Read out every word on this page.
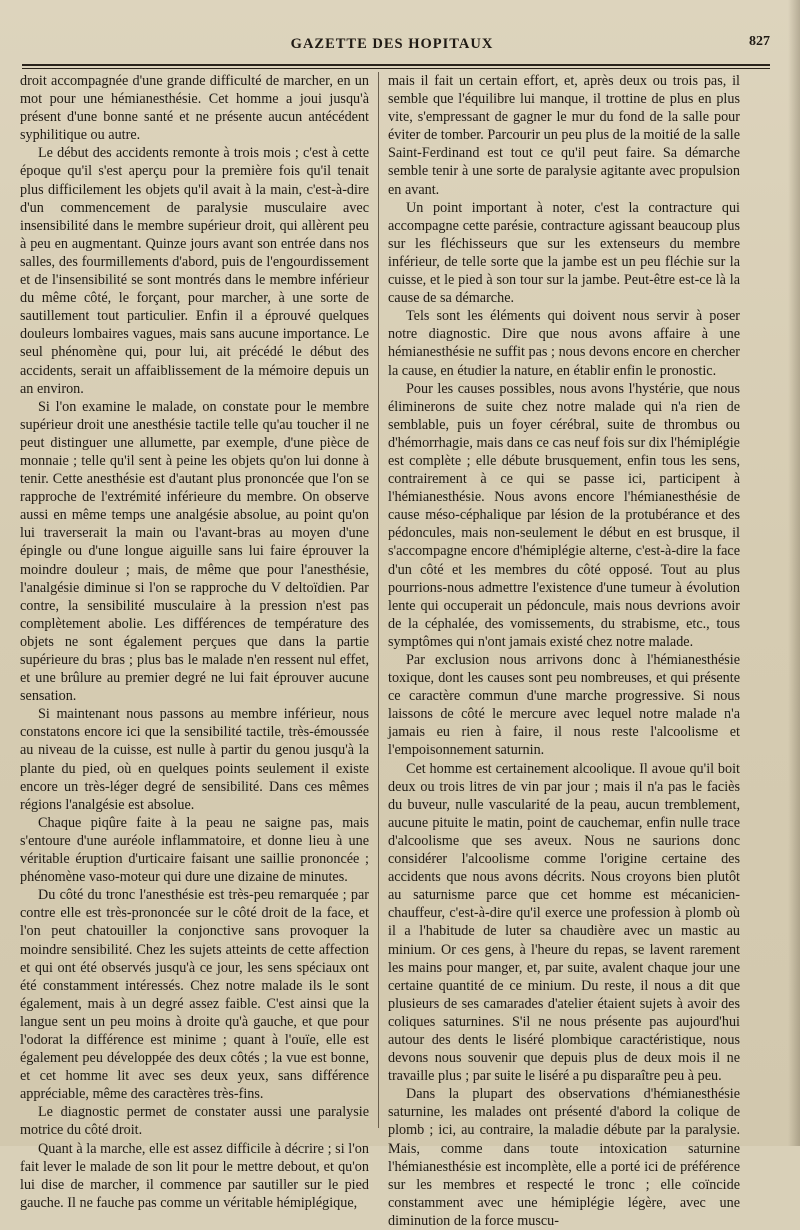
GAZETTE DES HOPITAUX	827

droit accompagnée d'une grande difficulté de marcher, en un mot pour une hémianesthésie. Cet homme a joui jusqu'à présent d'une bonne santé et ne présente aucun antécédent syphilitique ou autre.

Le début des accidents remonte à trois mois ; c'est à cette époque qu'il s'est aperçu pour la première fois qu'il tenait plus difficilement les objets qu'il avait à la main, c'est-à-dire d'un commencement de paralysie musculaire avec insensibilité dans le membre supérieur droit, qui allèrent peu à peu en augmentant. Quinze jours avant son entrée dans nos salles, des fourmillements d'abord, puis de l'engourdissement et de l'insensibilité se sont montrés dans le membre inférieur du même côté, le forçant, pour marcher, à une sorte de sautillement tout particulier. Enfin il a éprouvé quelques douleurs lombaires vagues, mais sans aucune importance. Le seul phénomène qui, pour lui, ait précédé le début des accidents, serait un affaiblissement de la mémoire depuis un an environ.

Si l'on examine le malade, on constate pour le membre supérieur droit une anesthésie tactile telle qu'au toucher il ne peut distinguer une allumette, par exemple, d'une pièce de monnaie ; telle qu'il sent à peine les objets qu'on lui donne à tenir. Cette anesthésie est d'autant plus prononcée que l'on se rapproche de l'extrémité inférieure du membre. On observe aussi en même temps une analgésie absolue, au point qu'on lui traverserait la main ou l'avant-bras au moyen d'une épingle ou d'une longue aiguille sans lui faire éprouver la moindre douleur ; mais, de même que pour l'anesthésie, l'analgésie diminue si l'on se rapproche du V deltoïdien. Par contre, la sensibilité musculaire à la pression n'est pas complètement abolie. Les différences de température des objets ne sont également perçues que dans la partie supérieure du bras ; plus bas le malade n'en ressent nul effet, et une brûlure au premier degré ne lui fait éprouver aucune sensation.

Si maintenant nous passons au membre inférieur, nous constatons encore ici que la sensibilité tactile, très-émoussée au niveau de la cuisse, est nulle à partir du genou jusqu'à la plante du pied, où en quelques points seulement il existe encore un très-léger degré de sensibilité. Dans ces mêmes régions l'analgésie est absolue.

Chaque piqûre faite à la peau ne saigne pas, mais s'entoure d'une auréole inflammatoire, et donne lieu à une véritable éruption d'urticaire faisant une saillie prononcée ; phénomène vaso-moteur qui dure une dizaine de minutes.

Du côté du tronc l'anesthésie est très-peu remarquée ; par contre elle est très-prononcée sur le côté droit de la face, et l'on peut chatouiller la conjonctive sans provoquer la moindre sensibilité. Chez les sujets atteints de cette affection et qui ont été observés jusqu'à ce jour, les sens spéciaux ont été constamment intéressés. Chez notre malade ils le sont également, mais à un degré assez faible. C'est ainsi que la langue sent un peu moins à droite qu'à gauche, et que pour l'odorat la différence est minime ; quant à l'ouïe, elle est également peu développée des deux côtés ; la vue est bonne, et cet homme lit avec ses deux yeux, sans différence appréciable, même des caractères très-fins.

Le diagnostic permet de constater aussi une paralysie motrice du côté droit.

Quant à la marche, elle est assez difficile à décrire ; si l'on fait lever le malade de son lit pour le mettre debout, et qu'on lui dise de marcher, il commence par sautiller sur le pied gauche. Il ne fauche pas comme un véritable hémiplégique,

mais il fait un certain effort, et, après deux ou trois pas, il semble que l'équilibre lui manque, il trottine de plus en plus vite, s'empressant de gagner le mur du fond de la salle pour éviter de tomber. Parcourir un peu plus de la moitié de la salle Saint-Ferdinand est tout ce qu'il peut faire. Sa démarche semble tenir à une sorte de paralysie agitante avec propulsion en avant.

Un point important à noter, c'est la contracture qui accompagne cette parésie, contracture agissant beaucoup plus sur les fléchisseurs que sur les extenseurs du membre inférieur, de telle sorte que la jambe est un peu fléchie sur la cuisse, et le pied à son tour sur la jambe. Peut-être est-ce là la cause de sa démarche.

Tels sont les éléments qui doivent nous servir à poser notre diagnostic. Dire que nous avons affaire à une hémianesthésie ne suffit pas ; nous devons encore en chercher la cause, en étudier la nature, en établir enfin le pronostic.

Pour les causes possibles, nous avons l'hystérie, que nous éliminerons de suite chez notre malade qui n'a rien de semblable, puis un foyer cérébral, suite de thrombus ou d'hémorrhagie, mais dans ce cas neuf fois sur dix l'hémiplégie est complète ; elle débute brusquement, enfin tous les sens, contrairement à ce qui se passe ici, participent à l'hémianesthésie. Nous avons encore l'hémianesthésie de cause méso-céphalique par lésion de la protubérance et des pédoncules, mais non-seulement le début en est brusque, il s'accompagne encore d'hémiplégie alterne, c'est-à-dire la face d'un côté et les membres du côté opposé. Tout au plus pourrions-nous admettre l'existence d'une tumeur à évolution lente qui occuperait un pédoncule, mais nous devrions avoir de la céphalée, des vomissements, du strabisme, etc., tous symptômes qui n'ont jamais existé chez notre malade.

Par exclusion nous arrivons donc à l'hémianesthésie toxique, dont les causes sont peu nombreuses, et qui présente ce caractère commun d'une marche progressive. Si nous laissons de côté le mercure avec lequel notre malade n'a jamais eu rien à faire, il nous reste l'alcoolisme et l'empoisonnement saturnin.

Cet homme est certainement alcoolique. Il avoue qu'il boit deux ou trois litres de vin par jour ; mais il n'a pas le faciès du buveur, nulle vascularité de la peau, aucun tremblement, aucune pituite le matin, point de cauchemar, enfin nulle trace d'alcoolisme que ses aveux. Nous ne saurions donc considérer l'alcoolisme comme l'origine certaine des accidents que nous avons décrits. Nous croyons bien plutôt au saturnisme parce que cet homme est mécanicien-chauffeur, c'est-à-dire qu'il exerce une profession à plomb où il a l'habitude de luter sa chaudière avec un mastic au minium. Or ces gens, à l'heure du repas, se lavent rarement les mains pour manger, et, par suite, avalent chaque jour une certaine quantité de ce minium. Du reste, il nous a dit que plusieurs de ses camarades d'atelier étaient sujets à avoir des coliques saturnines. S'il ne nous présente pas aujourd'hui autour des dents le liséré plombique caractéristique, nous devons nous souvenir que depuis plus de deux mois il ne travaille plus ; par suite le liséré a pu disparaître peu à peu.

Dans la plupart des observations d'hémianesthésie saturnine, les malades ont présenté d'abord la colique de plomb ; ici, au contraire, la maladie débute par la paralysie. Mais, comme dans toute intoxication saturnine l'hémianesthésie est incomplète, elle a porté ici de préférence sur les membres et respecté le tronc ; elle coïncide constamment avec une hémiplégie légère, avec une diminution de la force muscu-
